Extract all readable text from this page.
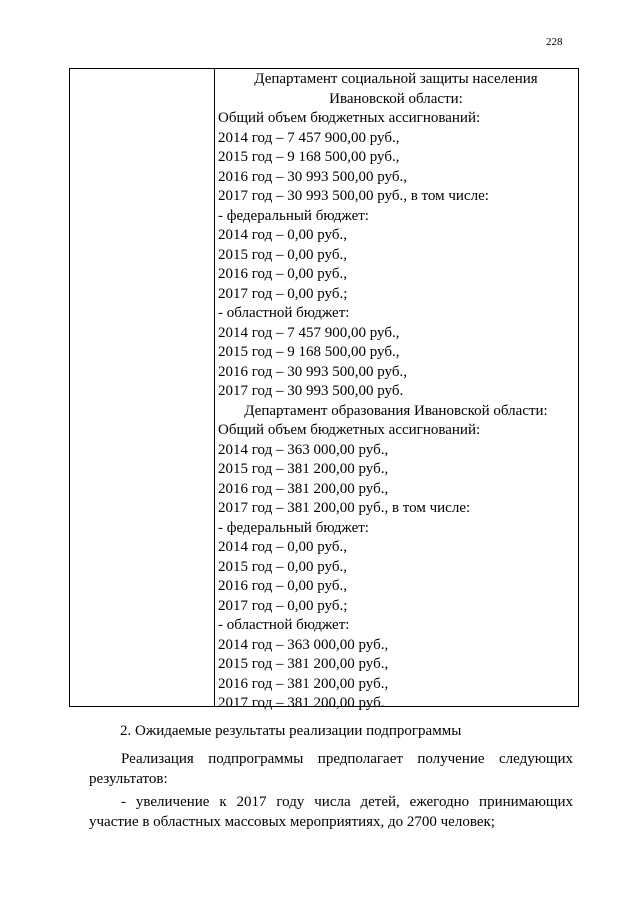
228
Департамент социальной защиты населения
Ивановской области:
Общий объем бюджетных ассигнований:
2014 год – 7 457 900,00 руб.,
2015 год – 9 168 500,00 руб.,
2016 год – 30 993 500,00 руб.,
2017 год – 30 993 500,00 руб., в том числе:
- федеральный бюджет:
2014 год – 0,00 руб.,
2015 год – 0,00 руб.,
2016 год – 0,00 руб.,
2017 год – 0,00 руб.;
- областной бюджет:
2014 год – 7 457 900,00 руб.,
2015 год – 9 168 500,00 руб.,
2016 год – 30 993 500,00 руб.,
2017 год – 30 993 500,00 руб.
Департамент образования Ивановской области:
Общий объем бюджетных ассигнований:
2014 год – 363 000,00 руб.,
2015 год – 381 200,00 руб.,
2016 год – 381 200,00 руб.,
2017 год – 381 200,00 руб., в том числе:
- федеральный бюджет:
2014 год – 0,00 руб.,
2015 год – 0,00 руб.,
2016 год – 0,00 руб.,
2017 год – 0,00 руб.;
- областной бюджет:
2014 год – 363 000,00 руб.,
2015 год – 381 200,00 руб.,
2016 год – 381 200,00 руб.,
2017 год – 381 200,00 руб.
2. Ожидаемые результаты реализации подпрограммы
Реализация подпрограммы предполагает получение следующих результатов:
- увеличение к 2017 году числа детей, ежегодно принимающих участие в областных массовых мероприятиях, до 2700 человек;
